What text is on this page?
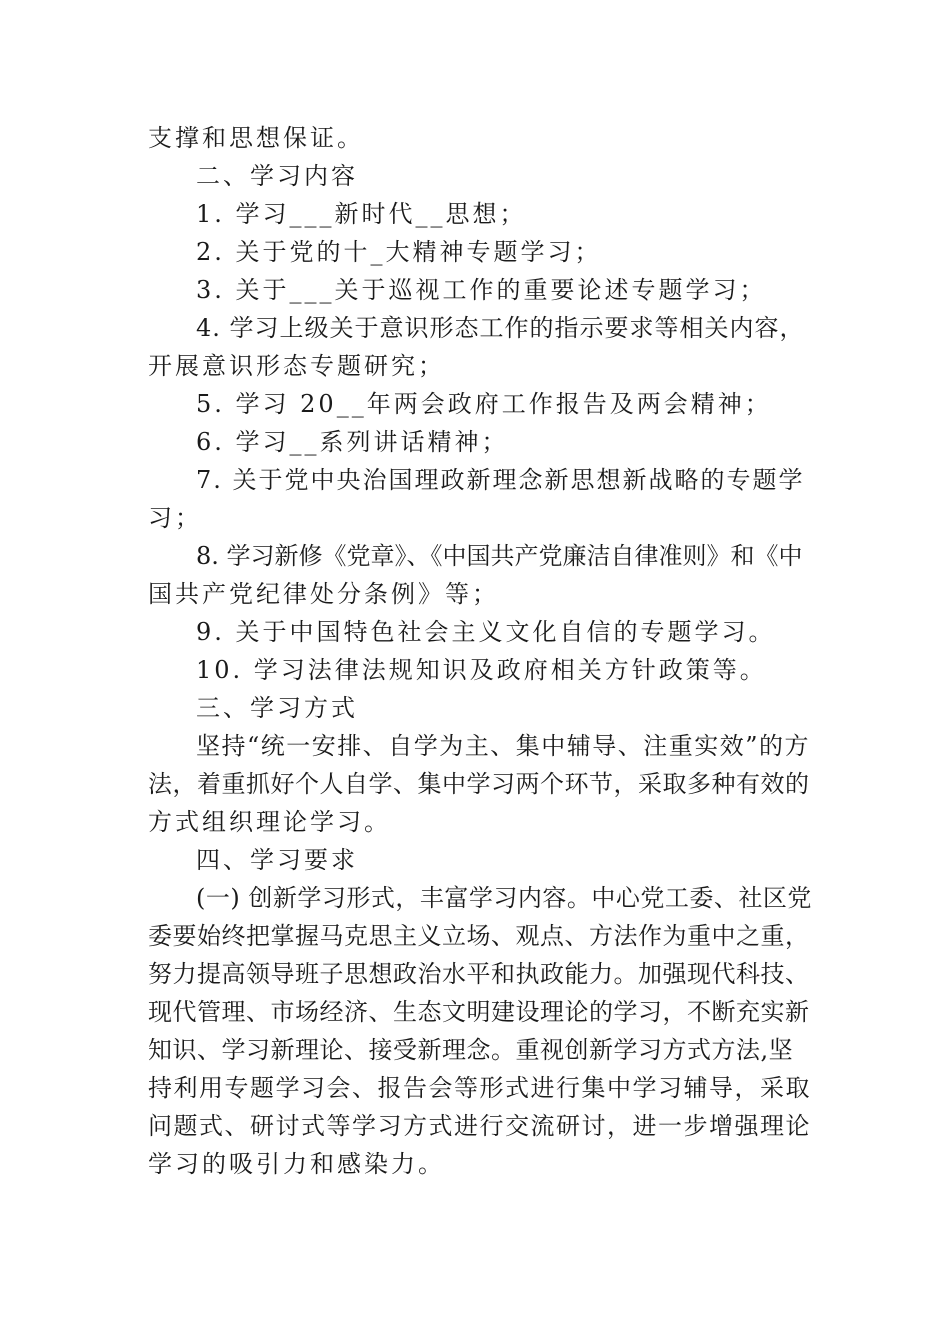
支撑和思想保证。
二、学习内容
1. 学习___新时代__思想；
2. 关于党的十_大精神专题学习；
3. 关于___关于巡视工作的重要论述专题学习；
4. 学习上级关于意识形态工作的指示要求等相关内容，
开展意识形态专题研究；
5. 学习 20__年两会政府工作报告及两会精神；
6. 学习__系列讲话精神；
7. 关于党中央治国理政新理念新思想新战略的专题学
习；
8. 学习新修《党章》、《中国共产党廉洁自律准则》和《中
国共产党纪律处分条例》等；
9. 关于中国特色社会主义文化自信的专题学习。
10. 学习法律法规知识及政府相关方针政策等。
三、学习方式
坚持“统一安排、自学为主、集中辅导、注重实效”的方
法，着重抓好个人自学、集中学习两个环节，采取多种有效的
方式组织理论学习。
四、学习要求
(一) 创新学习形式，丰富学习内容。中心党工委、社区党
委要始终把掌握马克思主义立场、观点、方法作为重中之重，
努力提高领导班子思想政治水平和执政能力。加强现代科技、
现代管理、市场经济、生态文明建设理论的学习，不断充实新
知识、学习新理论、接受新理念。重视创新学习方式方法,坚
持利用专题学习会、报告会等形式进行集中学习辅导，采取
问题式、研讨式等学习方式进行交流研讨，进一步增强理论
学习的吸引力和感染力。
